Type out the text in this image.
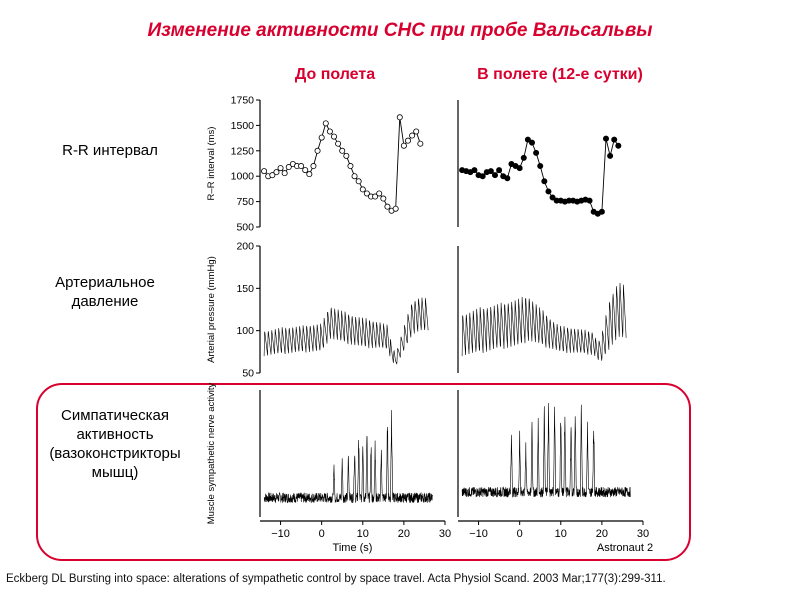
Изменение активности СНС при пробе Вальсальвы
До полета	В полете (12-е сутки)
R-R интервал
Артериальное давление
Симпатическая активность (вазоконстрикторы мышц)
500
750
1000
1250
1500
1750
R–R interval (ms)
50
100
150
200
Arterial pressure (mmHg)
Muscle sympathetic nerve activity
−10	0	10	20	30
Time (s)
−10	0	10	20	30
Astronaut 2
Eckberg DL Bursting into space: alterations of sympathetic control by space travel. Acta Physiol Scand. 2003 Mar;177(3):299-311.
